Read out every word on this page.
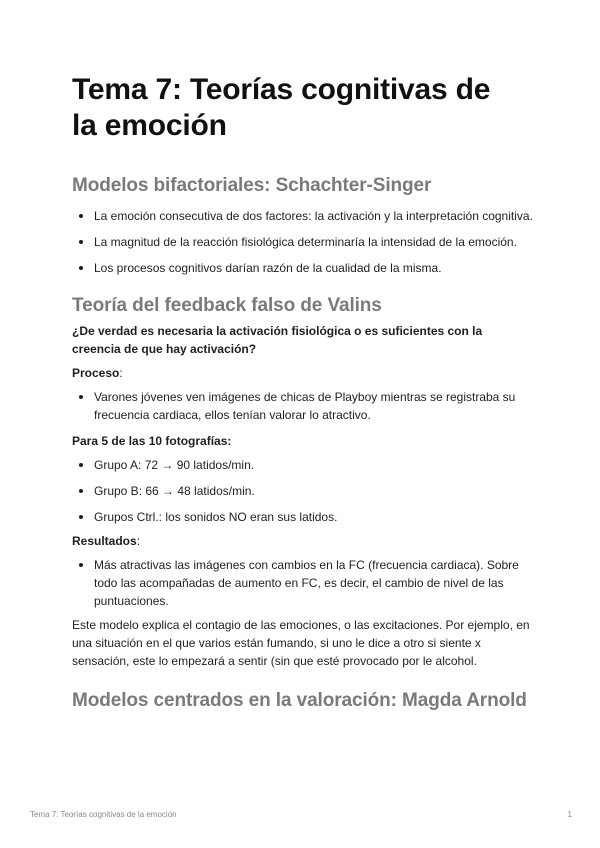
Tema 7: Teorías cognitivas de la emoción
Modelos bifactoriales: Schachter-Singer
La emoción consecutiva de dos factores: la activación y la interpretación cognitiva.
La magnitud de la reacción fisiológica determinaría la intensidad de la emoción.
Los procesos cognitivos darían razón de la cualidad de la misma.
Teoría del feedback falso de Valins

¿De verdad es necesaria la activación fisiológica o es suficientes con la creencia de que hay activación?

Proceso:

Varones jóvenes ven imágenes de chicas de Playboy mientras se registraba su frecuencia cardiaca, ellos tenían valorar lo atractivo.

Para 5 de las 10 fotografías:

Grupo A: 72 → 90 latidos/min.
Grupo B: 66 → 48 latidos/min.
Grupos Ctrl.: los sonidos NO eran sus latidos.

Resultados:

Más atractivas las imágenes con cambios en la FC (frecuencia cardiaca). Sobre todo las acompañadas de aumento en FC, es decir, el cambio de nivel de las puntuaciones.

Este modelo explica el contagio de las emociones, o las excitaciones. Por ejemplo, en una situación en el que varios están fumando, si uno le dice a otro si siente x sensación, este lo empezará a sentir (sin que esté provocado por le alcohol.

Modelos centrados en la valoración: Magda Arnold
Tema 7: Teorías cognitivas de la emoción	1
